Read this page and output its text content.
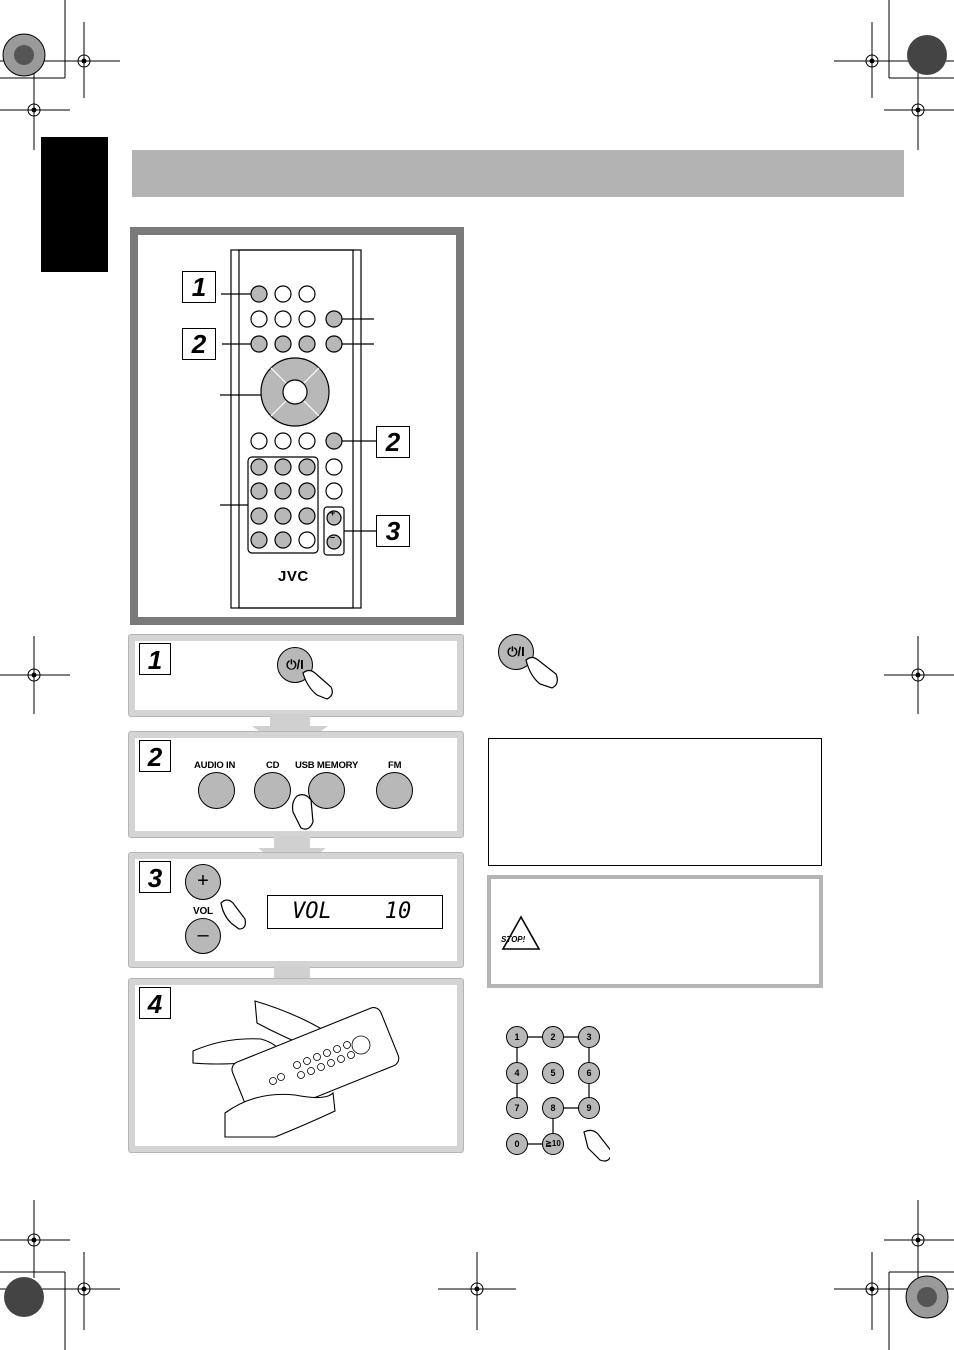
+
–
1
2
2
3
JVC
1	⏻/I
2	AUDIO IN	CD USB MEMORY	FM
3	+
VOL
–
VOL    10
4
⏻/I
STOP!
1	2	3
4	5	6
7	8	9
0	≧10
